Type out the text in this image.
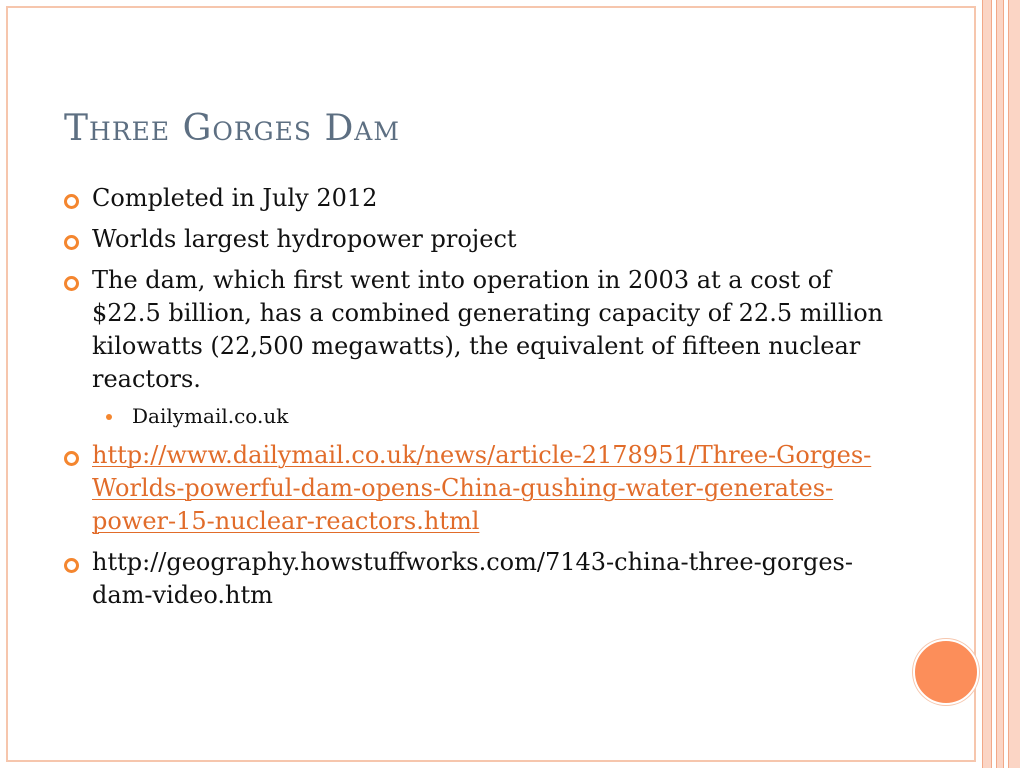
Three Gorges Dam
Completed in July 2012
Worlds largest hydropower project
The dam, which first went into operation in 2003 at a cost of $22.5 billion, has a combined generating capacity of 22.5 million kilowatts (22,500 megawatts), the equivalent of fifteen nuclear reactors.
Dailymail.co.uk
http://www.dailymail.co.uk/news/article-2178951/Three-Gorges-Worlds-powerful-dam-opens-China-gushing-water-generates-power-15-nuclear-reactors.html
http://geography.howstuffworks.com/7143-china-three-gorges-dam-video.htm
